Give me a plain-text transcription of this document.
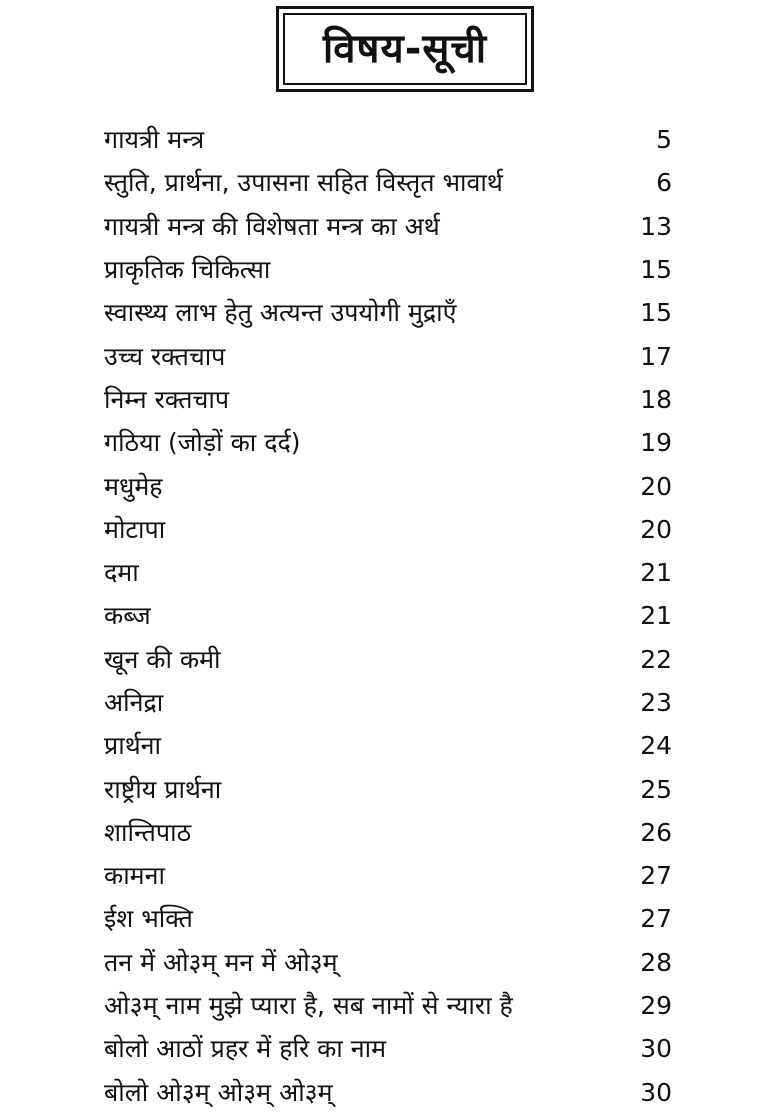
विषय-सूची
गायत्री मन्त्र	5
स्तुति, प्रार्थना, उपासना सहित विस्तृत भावार्थ	6
गायत्री मन्त्र की विशेषता मन्त्र का अर्थ	13
प्राकृतिक चिकित्सा	15
स्वास्थ्य लाभ हेतु अत्यन्त उपयोगी मुद्राएँ	15
उच्च रक्तचाप	17
निम्न रक्तचाप	18
गठिया (जोड़ों का दर्द)	19
मधुमेह	20
मोटापा	20
दमा	21
कब्ज	21
खून की कमी	22
अनिद्रा	23
प्रार्थना	24
राष्ट्रीय प्रार्थना	25
शान्तिपाठ	26
कामना	27
ईश भक्ति	27
तन में ओ३म् मन में ओ३म्	28
ओ३म् नाम मुझे प्यारा है, सब नामों से न्यारा है	29
बोलो आठों प्रहर में हरि का नाम	30
बोलो ओ३म् ओ३म् ओ३म्	30
